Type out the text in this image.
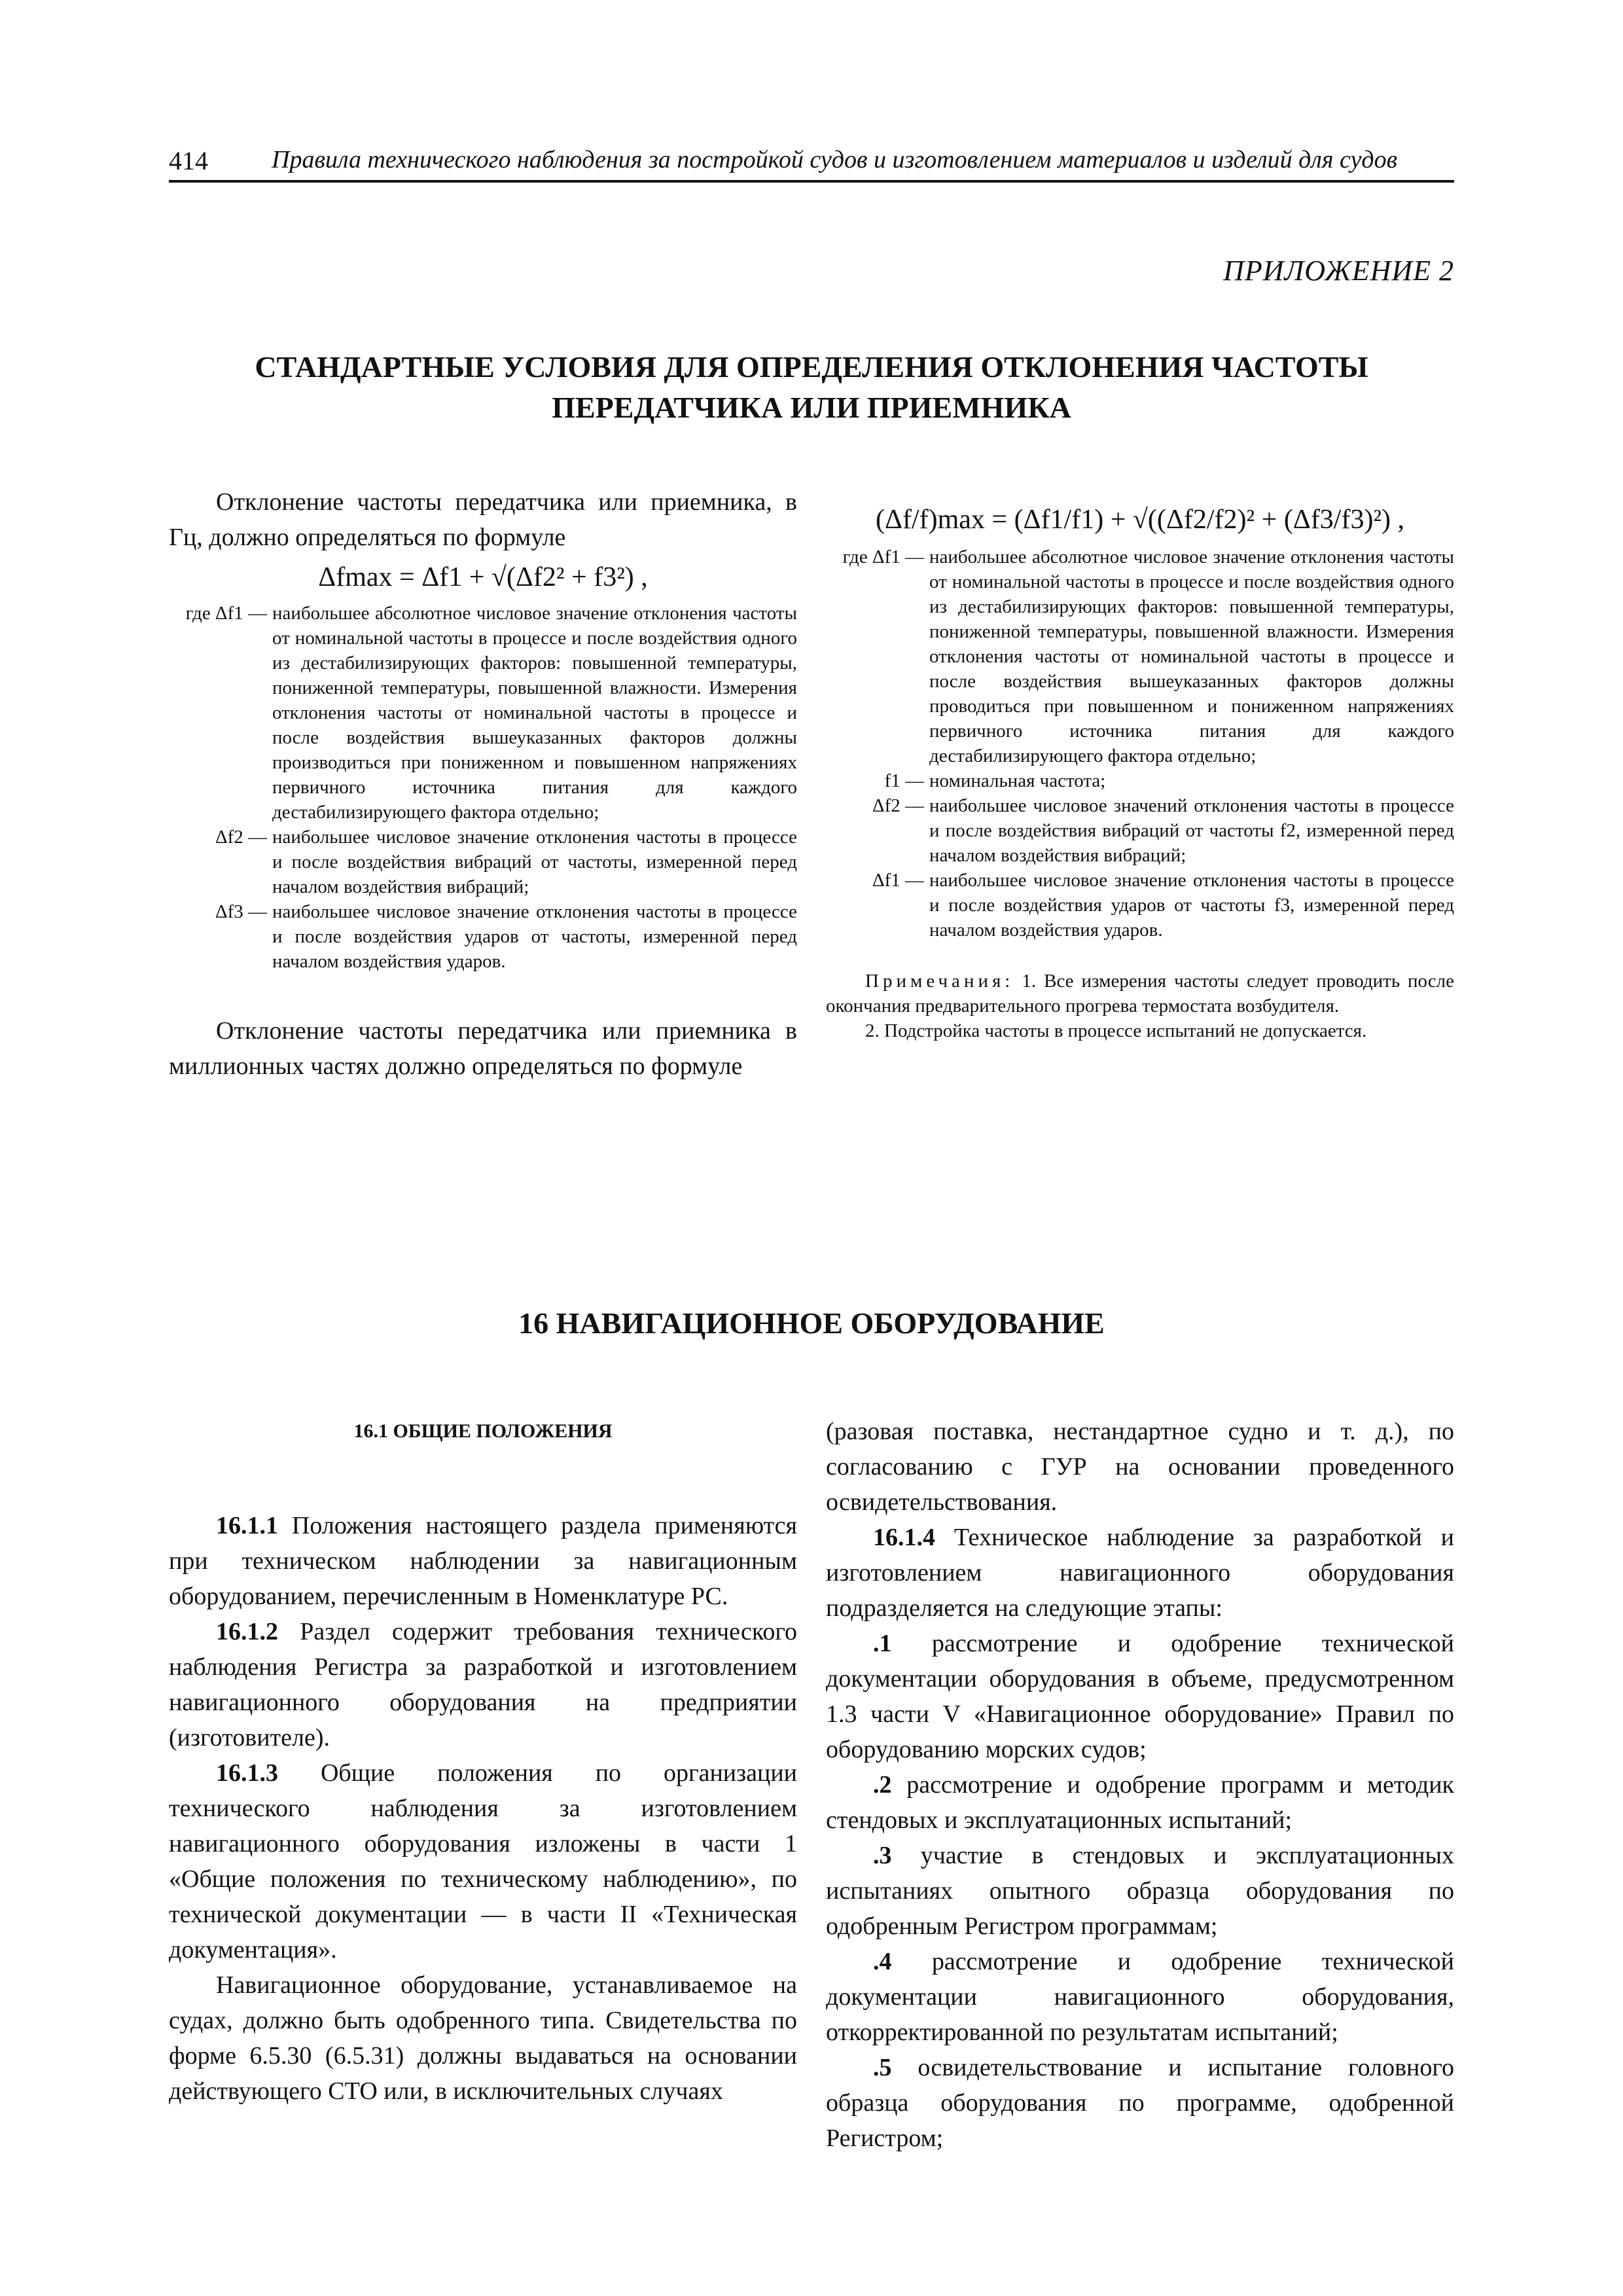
414	Правила технического наблюдения за постройкой судов и изготовлением материалов и изделий для судов
ПРИЛОЖЕНИЕ 2
СТАНДАРТНЫЕ УСЛОВИЯ ДЛЯ ОПРЕДЕЛЕНИЯ ОТКЛОНЕНИЯ ЧАСТОТЫ
ПЕРЕДАТЧИКА ИЛИ ПРИЕМНИКА

Отклонение частоты передатчика или приемника, в Гц, должно определяться по формуле

Δfmax = Δf1 + √(Δf2² + f3²) ,
где Δf1 — наибольшее абсолютное числовое значение отклонения частоты от номинальной частоты в процессе и после воздействия одного из дестабилизирующих факторов: повышенной температуры, пониженной температуры, повышенной влажности. Измерения отклонения частоты от номинальной частоты в процессе и после воздействия вышеуказанных факторов должны производиться при пониженном и повышенном напряжениях первичного источника питания для каждого дестабилизирующего фактора отдельно;
Δf2 — наибольшее числовое значение отклонения частоты в процессе и после воздействия вибраций от частоты, измеренной перед началом воздействия вибраций;
Δf3 — наибольшее числовое значение отклонения частоты в процессе и после воздействия ударов от частоты, измеренной перед началом воздействия ударов.

Отклонение частоты передатчика или приемника в миллионных частях должно определяться по формуле

(Δf/f)max = (Δf1/f1) + √((Δf2/f2)² + (Δf3/f3)²) ,
где Δf1 — наибольшее абсолютное числовое значение отклонения частоты от номинальной частоты в процессе и после воздействия одного из дестабилизирующих факторов: повышенной температуры, пониженной температуры, повышенной влажности. Измерения отклонения частоты от номинальной частоты в процессе и после воздействия вышеуказанных факторов должны проводиться при повышенном и пониженном напряжениях первичного источника питания для каждого дестабилизирующего фактора отдельно;
f1 — номинальная частота;
Δf2 — наибольшее числовое значений отклонения частоты в процессе и после воздействия вибраций от частоты f2, измеренной перед началом воздействия вибраций;
Δf1 — наибольшее числовое значение отклонения частоты в процессе и после воздействия ударов от частоты f3, измеренной перед началом воздействия ударов.
Примечания: 1. Все измерения частоты следует проводить после окончания предварительного прогрева термостата возбудителя.
2. Подстройка частоты в процессе испытаний не допускается.
16 НАВИГАЦИОННОЕ ОБОРУДОВАНИЕ
16.1 ОБЩИЕ ПОЛОЖЕНИЯ

16.1.1 Положения настоящего раздела применяются при техническом наблюдении за навигационным оборудованием, перечисленным в Номенклатуре РС.

16.1.2 Раздел содержит требования технического наблюдения Регистра за разработкой и изготовлением навигационного оборудования на предприятии (изготовителе).

16.1.3 Общие положения по организации технического наблюдения за изготовлением навигационного оборудования изложены в части 1 «Общие положения по техническому наблюдению», по технической документации — в части II «Техническая документация».

Навигационное оборудование, устанавливаемое на судах, должно быть одобренного типа. Свидетельства по форме 6.5.30 (6.5.31) должны выдаваться на основании действующего СТО или, в исключительных случаях

(разовая поставка, нестандартное судно и т. д.), по согласованию с ГУР на основании проведенного освидетельствования.

16.1.4 Техническое наблюдение за разработкой и изготовлением навигационного оборудования подразделяется на следующие этапы:

.1 рассмотрение и одобрение технической документации оборудования в объеме, предусмотренном 1.3 части V «Навигационное оборудование» Правил по оборудованию морских судов;

.2 рассмотрение и одобрение программ и методик стендовых и эксплуатационных испытаний;

.3 участие в стендовых и эксплуатационных испытаниях опытного образца оборудования по одобренным Регистром программам;

.4 рассмотрение и одобрение технической документации навигационного оборудования, откорректированной по результатам испытаний;

.5 освидетельствование и испытание головного образца оборудования по программе, одобренной Регистром;
